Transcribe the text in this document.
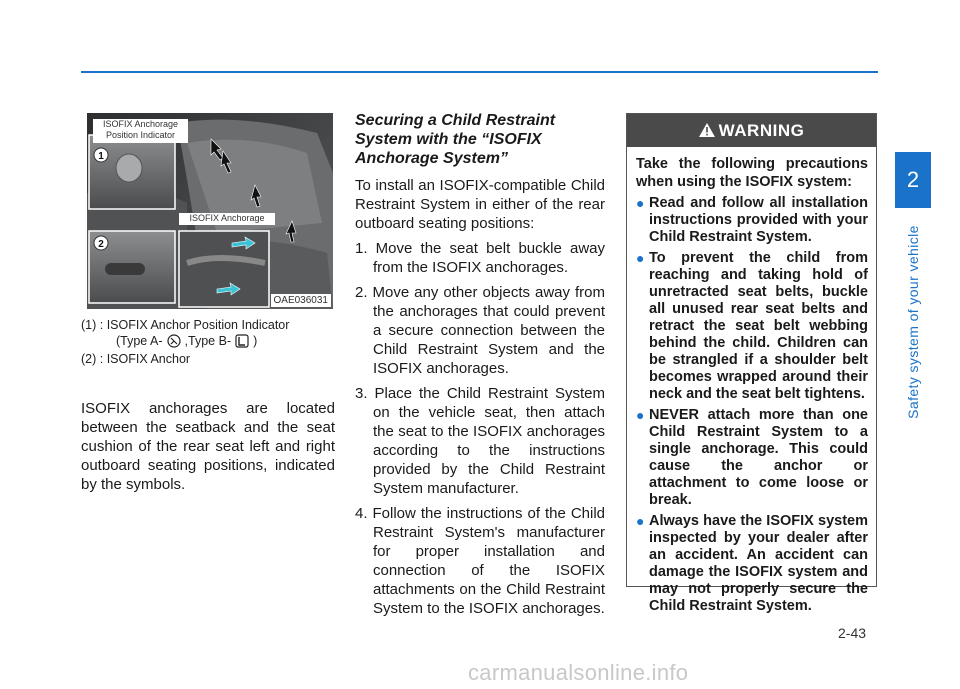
2
Safety system of your vehicle
ISOFIX Anchorage
Position Indicator
ISOFIX Anchorage
1
2
OAE036031
(1) : ISOFIX Anchor Position Indicator
(Type A- ,Type B- )
(2) : ISOFIX Anchor
ISOFIX anchorages are located between the seatback and the seat cushion of the rear seat left and right outboard seating positions, indicated by the symbols.
Securing a Child Restraint System with the “ISOFIX Anchorage System”

To install an ISOFIX-compatible Child Restraint System in either of the rear outboard seating positions:

1. Move the seat belt buckle away from the ISOFIX anchorages.
2. Move any other objects away from the anchorages that could prevent a secure connection between the Child Restraint System and the ISOFIX anchorages.
3. Place the Child Restraint System on the vehicle seat, then attach the seat to the ISOFIX anchorages according to the instructions provided by the Child Restraint System manufacturer.
4. Follow the instructions of the Child Restraint System's manufacturer for proper installation and connection of the ISOFIX attachments on the Child Restraint System to the ISOFIX anchorages.
WARNING

Take the following precautions when using the ISOFIX system:

● Read and follow all installation instructions provided with your Child Restraint System.
● To prevent the child from reaching and taking hold of unretracted seat belts, buckle all unused rear seat belts and retract the seat belt webbing behind the child. Children can be strangled if a shoulder belt becomes wrapped around their neck and the seat belt tightens.
● NEVER attach more than one Child Restraint System to a single anchorage. This could cause the anchor or attachment to come loose or break.
● Always have the ISOFIX system inspected by your dealer after an accident. An accident can damage the ISOFIX system and may not properly secure the Child Restraint System.
2-43
carmanualsonline.info
